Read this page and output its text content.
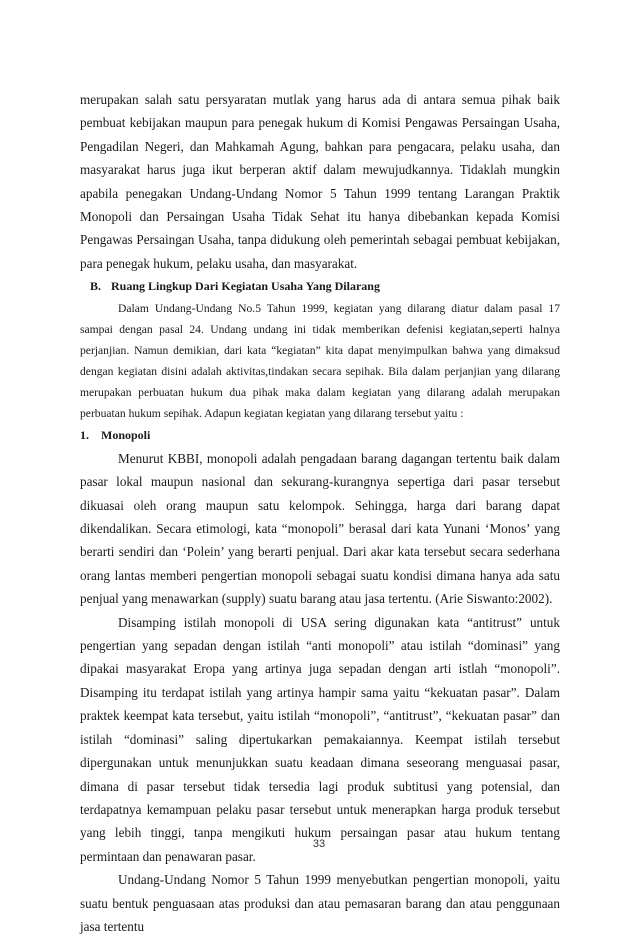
merupakan salah satu persyaratan mutlak yang harus ada di antara semua pihak baik pembuat kebijakan maupun para penegak hukum di Komisi Pengawas Persaingan Usaha, Pengadilan Negeri, dan Mahkamah Agung, bahkan para pengacara, pelaku usaha, dan masyarakat harus juga ikut berperan aktif dalam mewujudkannya. Tidaklah mungkin apabila penegakan Undang-Undang Nomor 5 Tahun 1999 tentang Larangan Praktik Monopoli dan Persaingan Usaha Tidak Sehat itu hanya dibebankan kepada Komisi Pengawas Persaingan Usaha, tanpa didukung oleh pemerintah sebagai pembuat kebijakan, para penegak hukum, pelaku usaha, dan masyarakat.

B. Ruang Lingkup Dari Kegiatan Usaha Yang Dilarang

Dalam Undang-Undang No.5 Tahun 1999, kegiatan yang dilarang diatur dalam pasal 17 sampai dengan pasal 24. Undang undang ini tidak memberikan defenisi kegiatan,seperti halnya perjanjian. Namun demikian, dari kata “kegiatan” kita dapat menyimpulkan bahwa yang dimaksud dengan kegiatan disini adalah aktivitas,tindakan secara sepihak. Bila dalam perjanjian yang dilarang merupakan perbuatan hukum dua pihak maka dalam kegiatan yang dilarang adalah merupakan perbuatan hukum sepihak. Adapun kegiatan kegiatan yang dilarang tersebut yaitu :

1. Monopoli

Menurut KBBI, monopoli adalah pengadaan barang dagangan tertentu baik dalam pasar lokal maupun nasional dan sekurang-kurangnya sepertiga dari pasar tersebut dikuasai oleh orang maupun satu kelompok. Sehingga, harga dari barang dapat dikendalikan. Secara etimologi, kata “monopoli” berasal dari kata Yunani ‘Monos’ yang berarti sendiri dan ‘Polein’ yang berarti penjual. Dari akar kata tersebut secara sederhana orang lantas memberi pengertian monopoli sebagai suatu kondisi dimana hanya ada satu penjual yang menawarkan (supply) suatu barang atau jasa tertentu. (Arie Siswanto:2002).

Disamping istilah monopoli di USA sering digunakan kata “antitrust” untuk pengertian yang sepadan dengan istilah “anti monopoli” atau istilah “dominasi” yang dipakai masyarakat Eropa yang artinya juga sepadan dengan arti istlah “monopoli”. Disamping itu terdapat istilah yang artinya hampir sama yaitu “kekuatan pasar”. Dalam praktek keempat kata tersebut, yaitu istilah “monopoli”, “antitrust”, “kekuatan pasar” dan istilah “dominasi” saling dipertukarkan pemakaiannya. Keempat istilah tersebut dipergunakan untuk menunjukkan suatu keadaan dimana seseorang menguasai pasar, dimana di pasar tersebut tidak tersedia lagi produk subtitusi yang potensial, dan terdapatnya kemampuan pelaku pasar tersebut untuk menerapkan harga produk tersebut yang lebih tinggi, tanpa mengikuti hukum persaingan pasar atau hukum tentang permintaan dan penawaran pasar.

Undang-Undang Nomor 5 Tahun 1999 menyebutkan pengertian monopoli, yaitu suatu bentuk penguasaan atas produksi dan atau pemasaran barang dan atau penggunaan jasa tertentu

33
